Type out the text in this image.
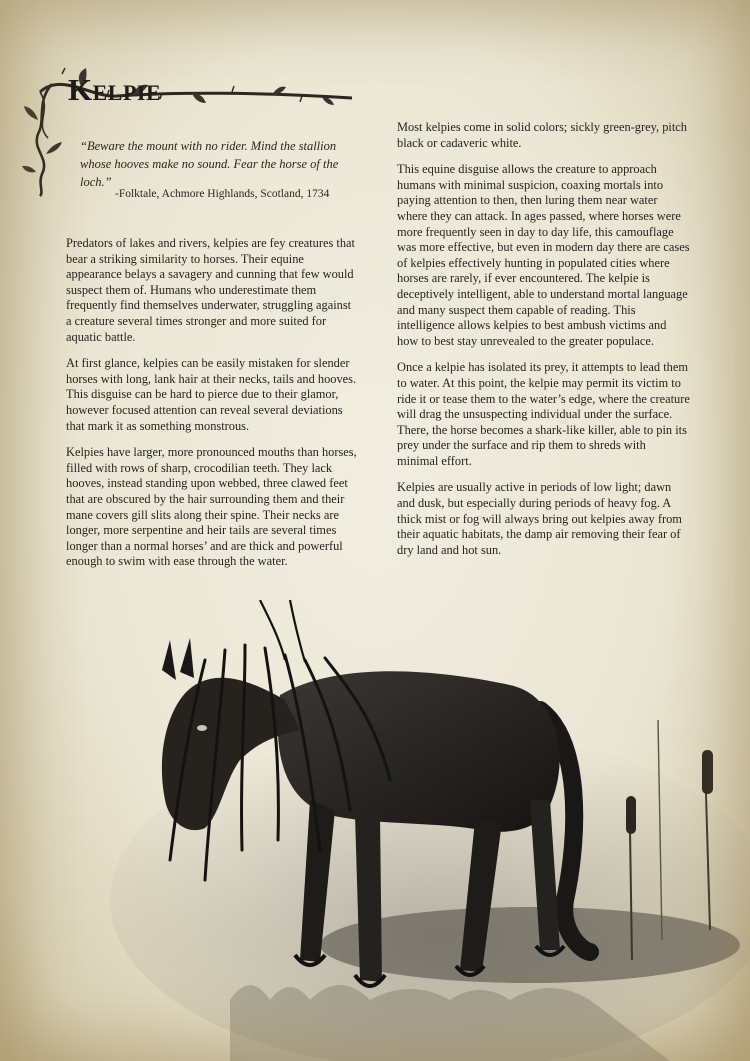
Kelpie
“Beware the mount with no rider. Mind the stallion whose hooves make no sound. Fear the horse of the loch.”
-Folktale, Achmore Highlands, Scotland, 1734

Predators of lakes and rivers, kelpies are fey creatures that bear a striking similarity to horses. Their equine appearance belays a savagery and cunning that few would suspect them of. Humans who underestimate them frequently find themselves underwater, struggling against a creature several times stronger and more suited for aquatic battle.

At first glance, kelpies can be easily mistaken for slender horses with long, lank hair at their necks, tails and hooves. This disguise can be hard to pierce due to their glamor, however focused attention can reveal several deviations that mark it as something monstrous.

Kelpies have larger, more pronounced mouths than horses, filled with rows of sharp, crocodilian teeth. They lack hooves, instead standing upon webbed, three clawed feet that are obscured by the hair surrounding them and their mane covers gill slits along their spine. Their necks are longer, more serpentine and heir tails are several times longer than a normal horses’ and are thick and powerful enough to swim with ease through the water.

Most kelpies come in solid colors; sickly green-grey, pitch black or cadaveric white.

This equine disguise allows the creature to approach humans with minimal suspicion, coaxing mortals into paying attention to then, then luring them near water where they can attack. In ages passed, where horses were more frequently seen in day to day life, this camouflage was more effective, but even in modern day there are cases of kelpies effectively hunting in populated cities where horses are rarely, if ever encountered. The kelpie is deceptively intelligent, able to understand mortal language and many suspect them capable of reading. This intelligence allows kelpies to best ambush victims and how to best stay unrevealed to the greater populace.

Once a kelpie has isolated its prey, it attempts to lead them to water. At this point, the kelpie may permit its victim to ride it or tease them to the water’s edge, where the creature will drag the unsuspecting individual under the surface. There, the horse becomes a shark-like killer, able to pin its prey under the surface and rip them to shreds with minimal effort.

Kelpies are usually active in periods of low light; dawn and dusk, but especially during periods of heavy fog. A thick mist or fog will always bring out kelpies away from their aquatic habitats, the damp air removing their fear of dry land and hot sun.
